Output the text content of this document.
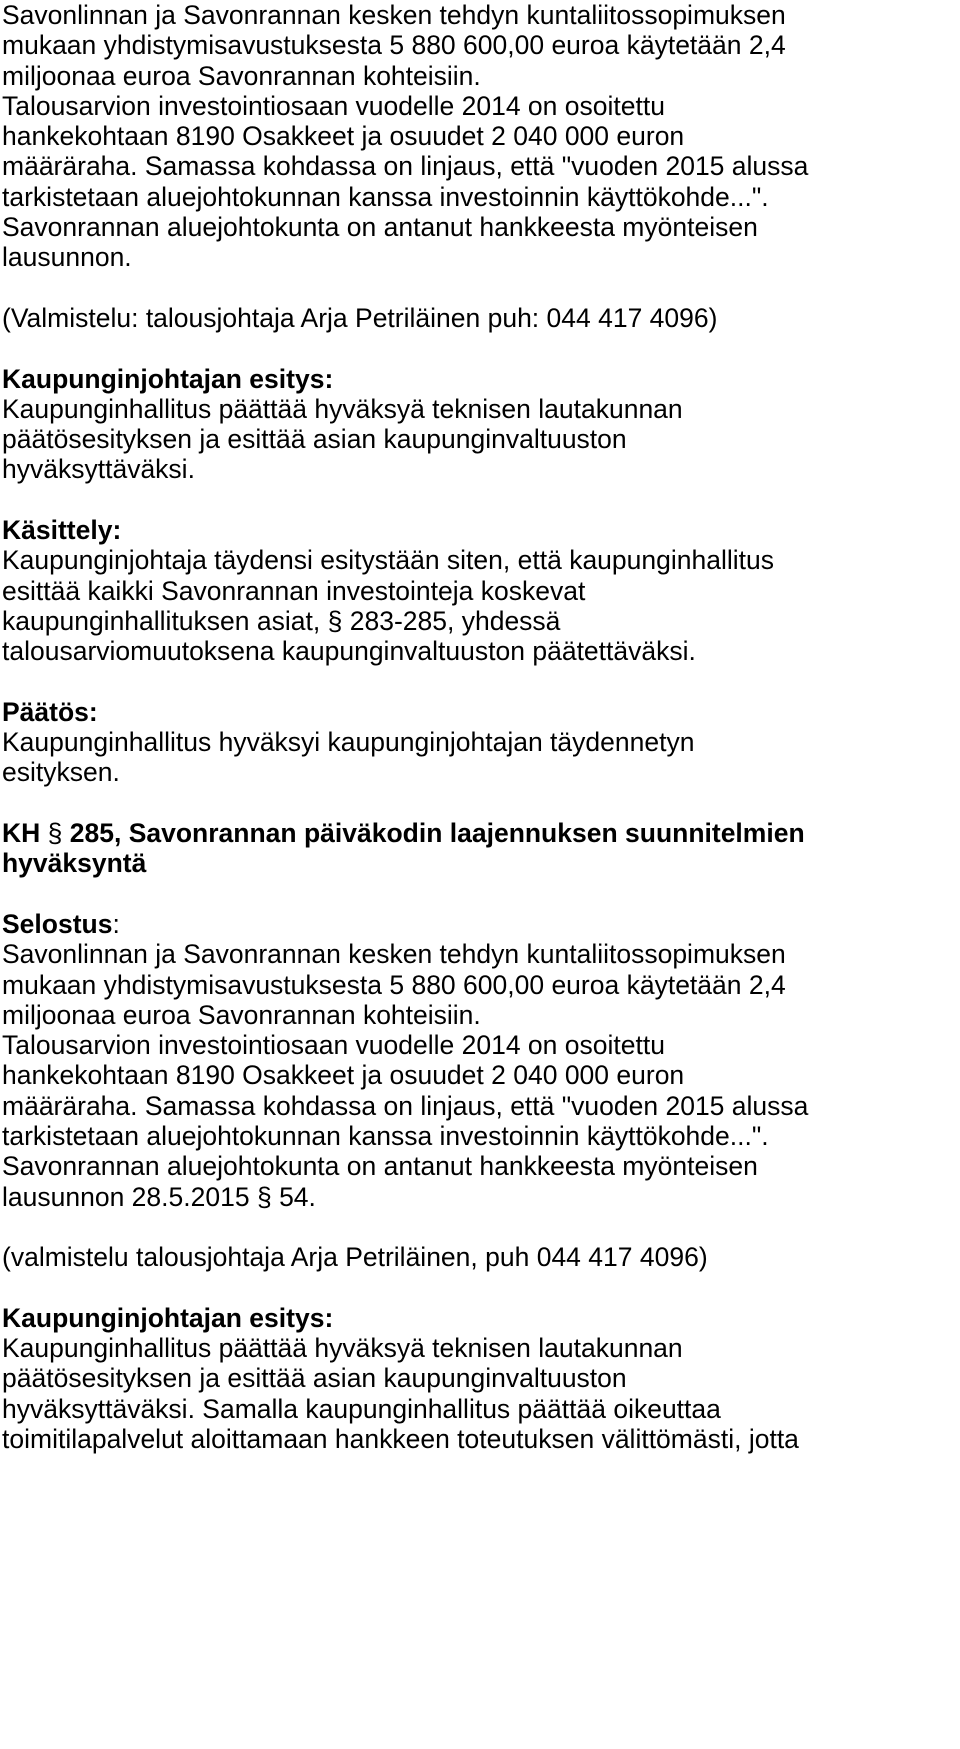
Savonlinnan ja Savonrannan kesken tehdyn kuntaliitossopimuksen
mukaan yhdistymisavustuksesta 5 880 600,00 euroa käytetään 2,4
miljoonaa euroa Savonrannan kohteisiin.
Talousarvion investointiosaan vuodelle 2014 on osoitettu
hankekohtaan 8190 Osakkeet ja osuudet 2 040 000 euron
määräraha. Samassa kohdassa on linjaus, että "vuoden 2015 alussa
tarkistetaan aluejohtokunnan kanssa investoinnin käyttökohde...".
Savonrannan aluejohtokunta on antanut hankkeesta myönteisen
lausunnon.
(Valmistelu: talousjohtaja Arja Petriläinen puh: 044 417 4096)
Kaupunginjohtajan esitys:
Kaupunginhallitus päättää hyväksyä teknisen lautakunnan
päätösesityksen ja esittää asian kaupunginvaltuuston
hyväksyttäväksi.
Käsittely:
Kaupunginjohtaja täydensi esitystään siten, että kaupunginhallitus
esittää kaikki Savonrannan investointeja koskevat
kaupunginhallituksen asiat, § 283-285, yhdessä
talousarviomuutoksena kaupunginvaltuuston päätettäväksi.
Päätös:
Kaupunginhallitus hyväksyi kaupunginjohtajan täydennetyn
esityksen.
KH § 285, Savonrannan päiväkodin laajennuksen suunnitelmien
hyväksyntä
Selostus:
Savonlinnan ja Savonrannan kesken tehdyn kuntaliitossopimuksen
mukaan yhdistymisavustuksesta 5 880 600,00 euroa käytetään 2,4
miljoonaa euroa Savonrannan kohteisiin.
Talousarvion investointiosaan vuodelle 2014 on osoitettu
hankekohtaan 8190 Osakkeet ja osuudet 2 040 000 euron
määräraha. Samassa kohdassa on linjaus, että "vuoden 2015 alussa
tarkistetaan aluejohtokunnan kanssa investoinnin käyttökohde...".
Savonrannan aluejohtokunta on antanut hankkeesta myönteisen
lausunnon 28.5.2015 § 54.
(valmistelu talousjohtaja Arja Petriläinen, puh 044 417 4096)
Kaupunginjohtajan esitys:
Kaupunginhallitus päättää hyväksyä teknisen lautakunnan
päätösesityksen ja esittää asian kaupunginvaltuuston
hyväksyttäväksi. Samalla kaupunginhallitus päättää oikeuttaa
toimitilapalvelut aloittamaan hankkeen toteutuksen välittömästi, jotta
